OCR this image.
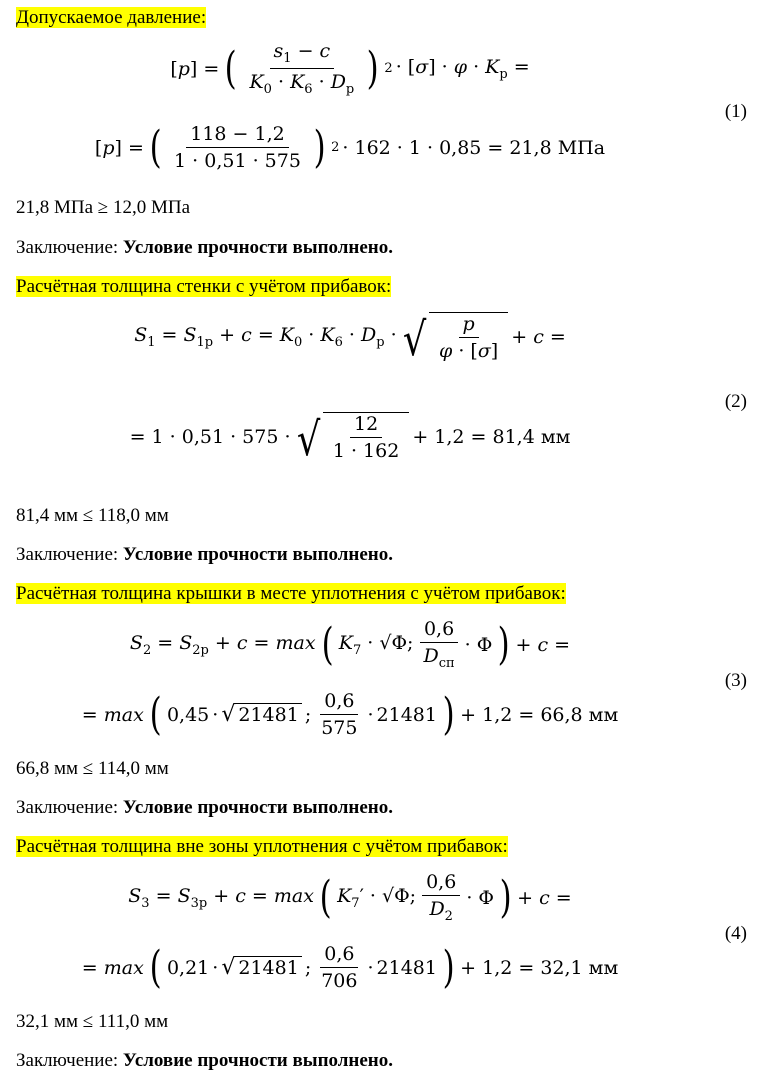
Допускаемое давление:
[p] = ( $\frac{s_1 - c}{K_0 \cdot K_6 \cdot D_р}$ ) $2 \cdot [\sigma] \cdot \varphi \cdot K_р$ =
(1)
[p] = ( $\frac{118 - 1,2}{1 \cdot 0,51 \cdot 575}$ ) 2 · 162 · 1 · 0,85 = 21,8 МПа
21,8 МПа ≥ 12,0 МПа
Заключение: Условие прочности выполнено.
Расчётная толщина стенки с учётом прибавок:
$S_1 = S_{1р} + c = K_0 \cdot K_6 \cdot D_р$ · √ $\frac{p}{\varphi \cdot [\sigma]} + c$ =
(2)
= 1 · 0,51 · 575 · √ $\frac{12}{1 \cdot 162} + 1,2 = 81,4$ мм
81,4 мм ≤ 118,0 мм
Заключение: Условие прочности выполнено.
Расчётная толщина крышки в месте уплотнения с учётом прибавок:
$S_2 = S_{2р} + c = \max$ ( $K_7 \cdot √\Phi$; $\frac{0,6}{D_{сп}} \cdot \Phi$ ) + c =
(3)
= max ( 0,45 · √ 21481 ; $\frac{0,6}{575} \cdot 21481$ ) + 1,2 = 66,8 мм
66,8 мм ≤ 114,0 мм
Заключение: Условие прочности выполнено.
Расчётная толщина вне зоны уплотнения с учётом прибавок:
$S_3 = S_{3р} + c = \max$ ( $K_7' \cdot √\Phi$; $\frac{0,6}{D_2} \cdot \Phi$ ) + c =
(4)
= max ( 0,21 · √ 21481 ; $\frac{0,6}{706} \cdot 21481$ ) + 1,2 = 32,1 мм
32,1 мм ≤ 111,0 мм
Заключение: Условие прочности выполнено.
